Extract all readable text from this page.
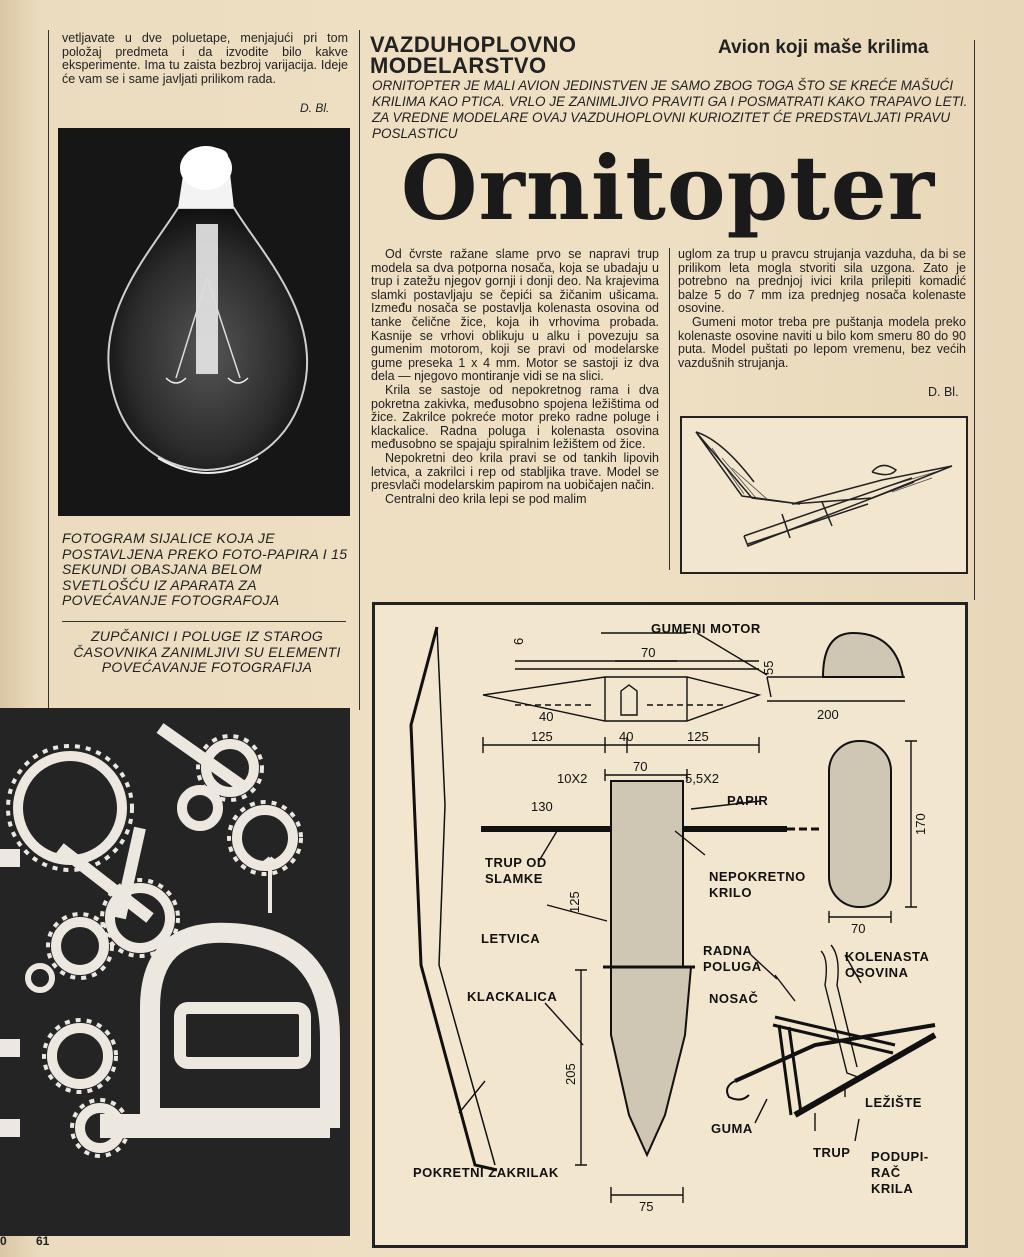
vetljavate u dve poluetape, menjajući pri tom položaj predmeta i da izvodite bilo kakve eksperimente. Ima tu zaista bezbroj varijacija. Ideje će vam se i same javljati prilikom rada.
D. Bl.
FOTOGRAM SIJALICE KOJA JE POSTAVLJENA PREKO FOTO-PAPIRA I 15 SEKUNDI OBASJANA BELOM SVETLOŠĆU IZ APARATA ZA POVEĆAVANJE FOTOGRAFOJA
ZUPČANICI I POLUGE IZ STAROG ČASOVNIKA ZANIMLJIVI SU ELEMENTI POVEĆAVANJE FOTOGRAFIJA
VAZDUHOPLOVNO
MODELARSTVO
Avion koji maše krilima
ORNITOPTER JE MALI AVION JEDINSTVEN JE SAMO ZBOG TOGA ŠTO SE KREĆE MAŠUĆI KRILIMA KAO PTICA. VRLO JE ZANIMLJIVO PRAVITI GA I POSMATRATI KAKO TRAPAVO LETI. ZA VREDNE MODELARE OVAJ VAZDUHOPLOVNI KURIOZITET ĆE PREDSTAVLJATI PRAVU POSLASTICU
Ornitopter

Od čvrste ražane slame prvo se napravi trup modela sa dva potporna nosača, koja se ubadaju u trup i zatežu njegov gornji i donji deo. Na krajevima slamki postavljaju se čepići sa žičanim ušicama. Između nosača se postavlja kolenasta osovina od tanke čelične žice, koja ih vrhovima probada. Kasnije se vrhovi oblikuju u alku i povezuju sa gumenim motorom, koji se pravi od modelarske gume preseka 1 x 4 mm. Motor se sastoji iz dva dela — njegovo montiranje vidi se na slici.

Krila se sastoje od nepokretnog rama i dva pokretna zakivka, međusobno spojena ležištima od žice. Zakrilce pokreće motor preko radne poluge i klackalice. Radna poluga i kolenasta osovina međusobno se spajaju spiralnim ležištem od žice.

Nepokretni deo krila pravi se od tankih lipovih letvica, a zakrilci i rep od stabljika trave. Model se presvlači modelarskim papirom na uobičajen način.

Centralni deo krila lepi se pod malim

uglom za trup u pravcu strujanja vazduha, da bi se prilikom leta mogla stvoriti sila uzgona. Zato je potrebno na prednjoj ivici krila prilepiti komadić balze 5 do 7 mm iza prednjeg nosača kolenaste osovine.

Gumeni motor treba pre puštanja modela preko kolenaste osovine naviti u bilo kom smeru 80 do 90 puta. Model puštati po lepom vremenu, bez većih vazdušnih strujanja.

D. Bl.
GUMENI MOTOR
PAPIR
TRUP OD
SLAMKE	NEPOKRETNO
KRILO
LETVICA
RADNA
POLUGA
KOLENASTA
OSOVINA
KLACKALICA	NOSAČ
LEŽIŠTE
GUMA
TRUP PODUPI-
RAČ
KRILA
POKRETNI ZAKRILAK
6
70
55
40	200
125	40	125
70
10X2	5,5X2
130
170
125
70
205
75
0 61
